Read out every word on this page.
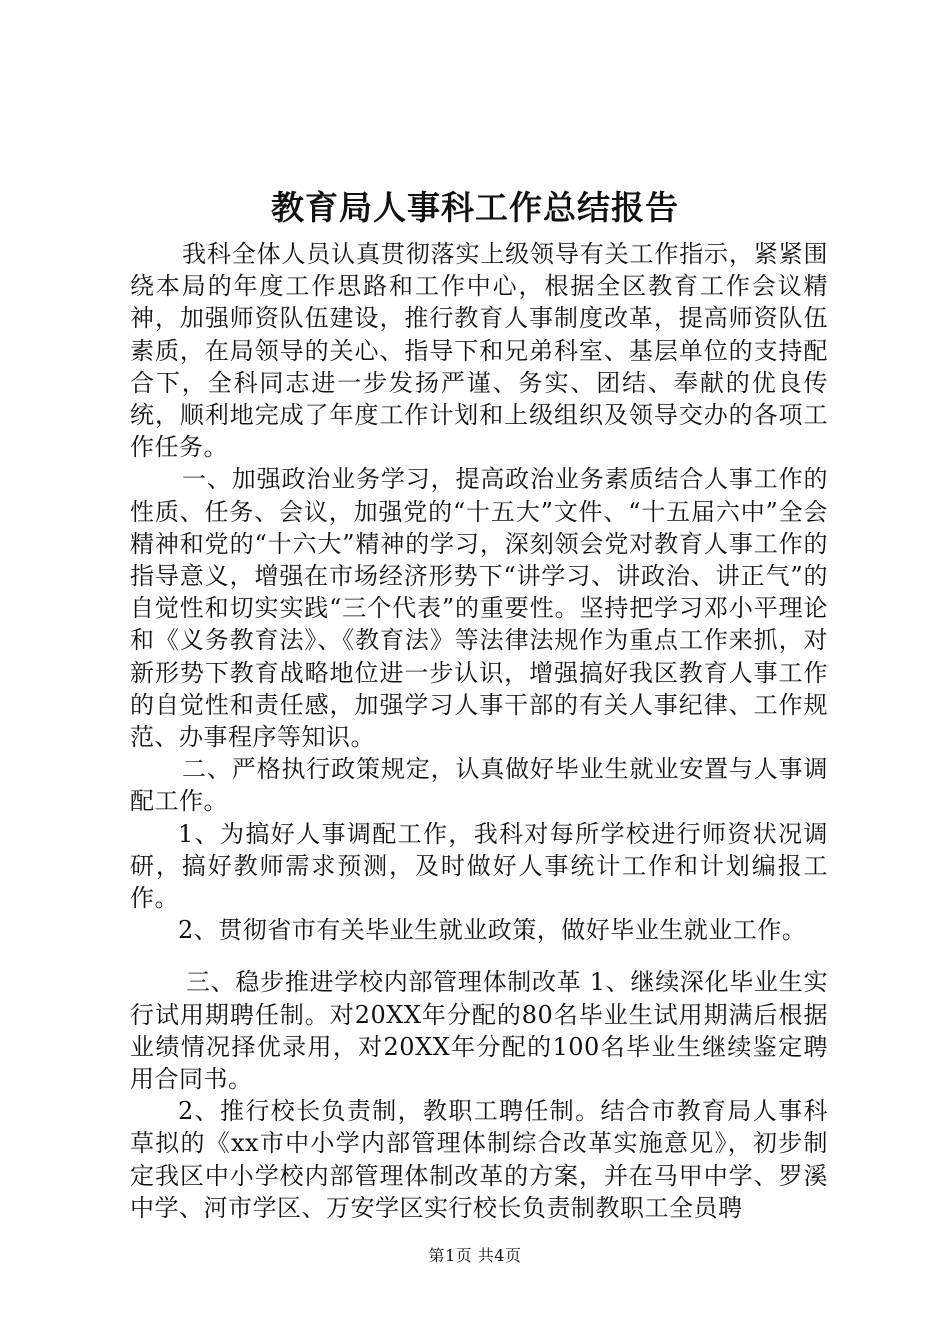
教育局人事科工作总结报告

我科全体人员认真贯彻落实上级领导有关工作指示，紧紧围绕本局的年度工作思路和工作中心，根据全区教育工作会议精神，加强师资队伍建设，推行教育人事制度改革，提高师资队伍素质，在局领导的关心、指导下和兄弟科室、基层单位的支持配合下，全科同志进一步发扬严谨、务实、团结、奉献的优良传统，顺利地完成了年度工作计划和上级组织及领导交办的各项工作任务。

一、加强政治业务学习，提高政治业务素质结合人事工作的性质、任务、会议，加强党的“十五大”文件、“十五届六中”全会精神和党的“十六大”精神的学习，深刻领会党对教育人事工作的指导意义，增强在市场经济形势下“讲学习、讲政治、讲正气”的自觉性和切实实践“三个代表”的重要性。坚持把学习邓小平理论和《义务教育法》、《教育法》等法律法规作为重点工作来抓，对新形势下教育战略地位进一步认识，增强搞好我区教育人事工作的自觉性和责任感，加强学习人事干部的有关人事纪律、工作规范、办事程序等知识。

二、严格执行政策规定，认真做好毕业生就业安置与人事调配工作。

1、为搞好人事调配工作，我科对每所学校进行师资状况调研，搞好教师需求预测，及时做好人事统计工作和计划编报工作。

2、贯彻省市有关毕业生就业政策，做好毕业生就业工作。

三、稳步推进学校内部管理体制改革 1、继续深化毕业生实行试用期聘任制。对20XX年分配的80名毕业生试用期满后根据业绩情况择优录用，对20XX年分配的100名毕业生继续鉴定聘用合同书。

2、推行校长负责制，教职工聘任制。结合市教育局人事科草拟的《xx市中小学内部管理体制综合改革实施意见》，初步制定我区中小学校内部管理体制改革的方案，并在马甲中学、罗溪中学、河市学区、万安学区实行校长负责制教职工全员聘

第1页 共4页
